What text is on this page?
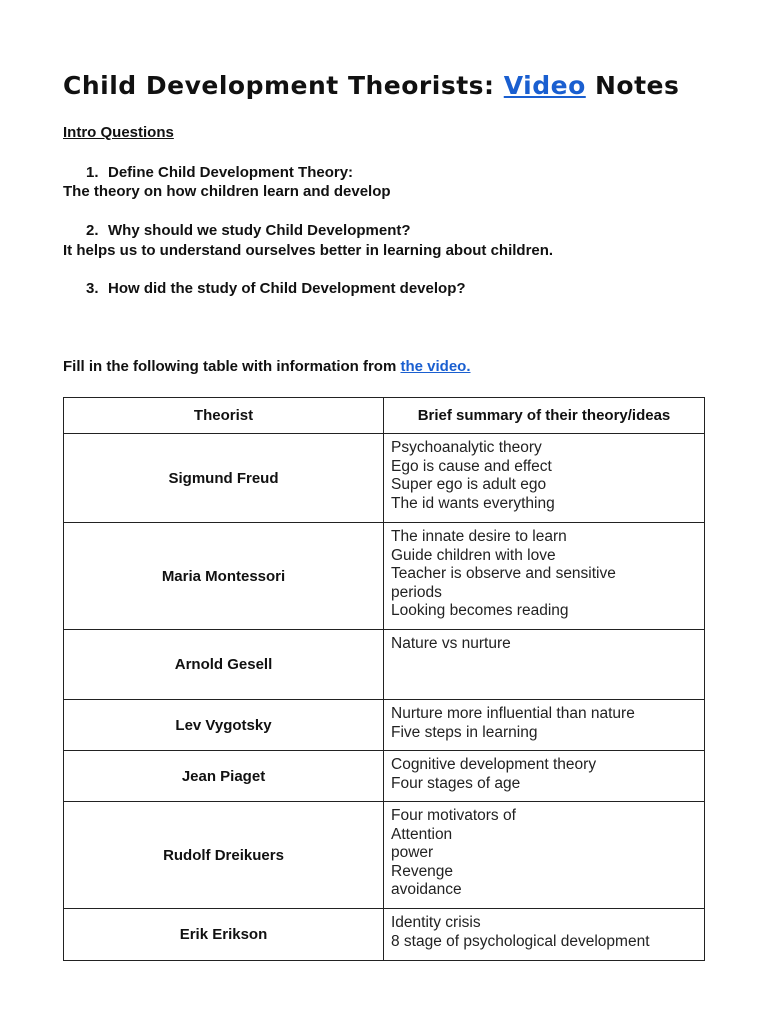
Child Development Theorists: Video Notes
Intro Questions
1. Define Child Development Theory:
The theory on how children learn and develop
2. Why should we study Child Development?
It helps us to understand ourselves better in learning about children.
3. How did the study of Child Development develop?
Fill in the following table with information from the video.
Theorist	Brief summary of their theory/ideas
Sigmund Freud	Psychoanalytic theory
Ego is cause and effect
Super ego is adult ego
The id wants everything

Maria Montessori	The innate desire to learn
Guide children with love
Teacher is observe and sensitive
periods
Looking becomes reading

Arnold Gesell	Nature vs nurture

Lev Vygotsky	Nurture more influential than nature
Five steps in learning

Jean Piaget	Cognitive development theory
Four stages of age

Rudolf Dreikuers	Four motivators of
Attention
power
Revenge
avoidance

Erik Erikson	Identity crisis
8 stage of psychological development
